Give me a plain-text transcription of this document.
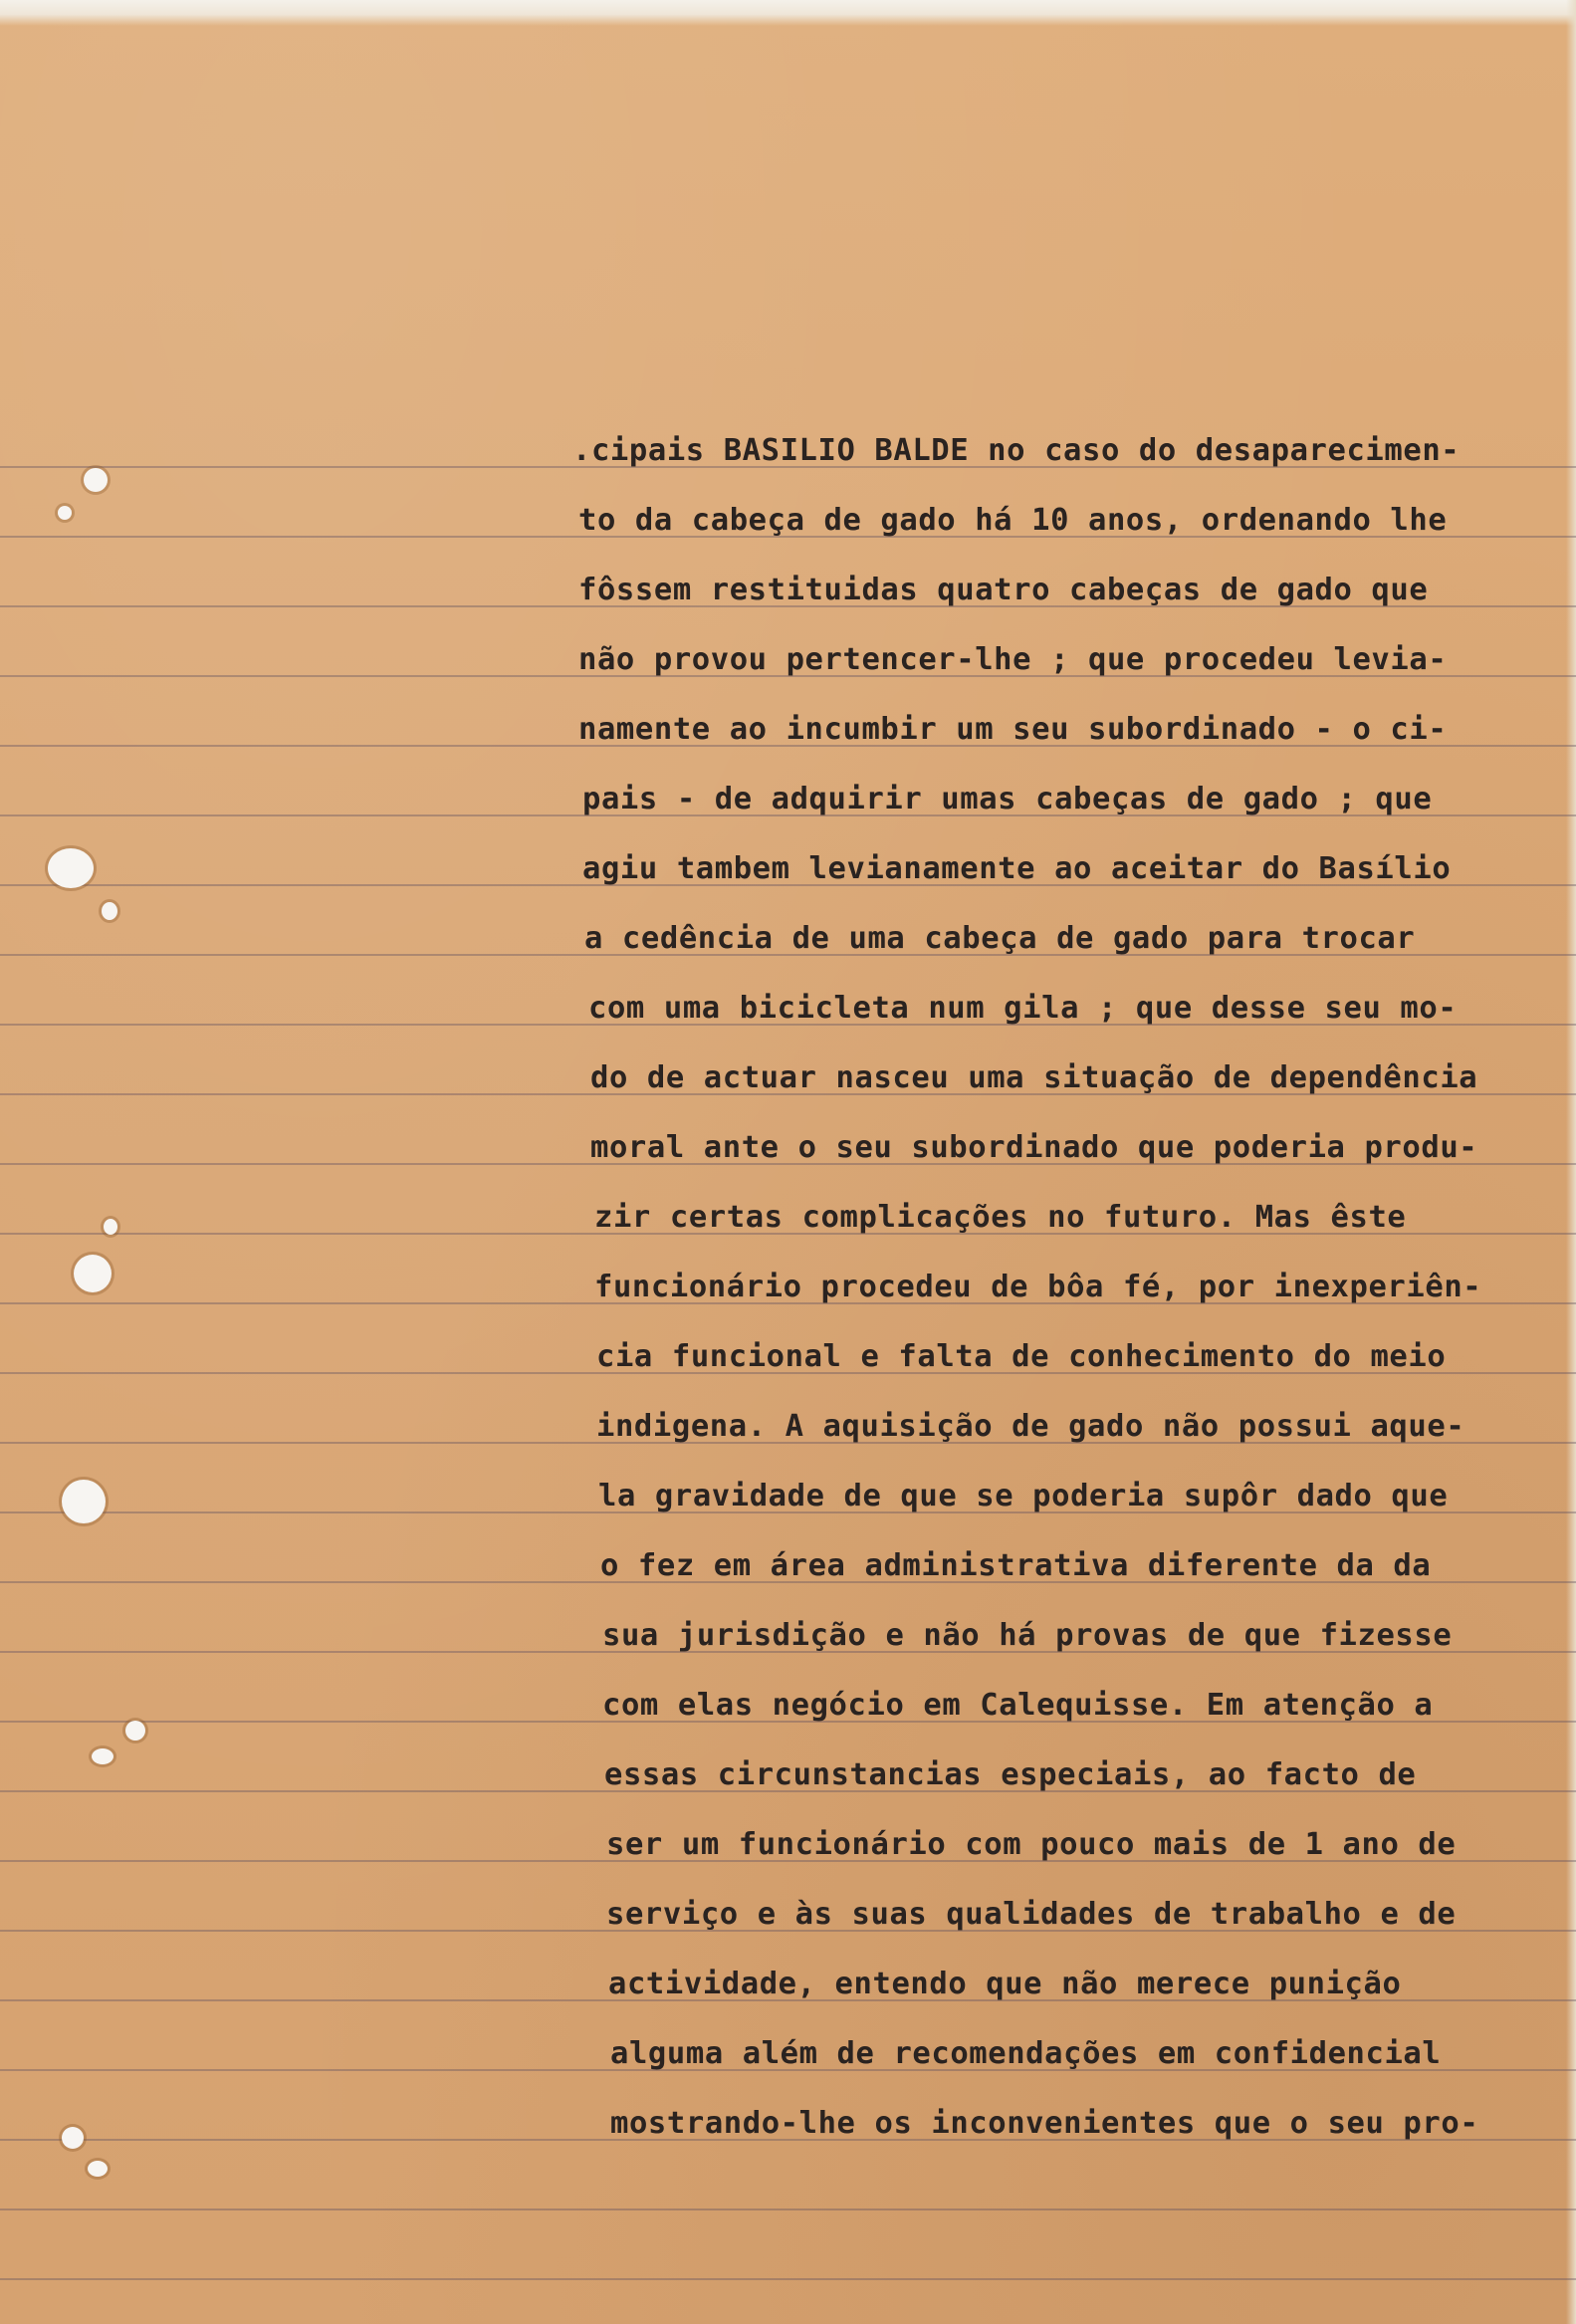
.cipais BASILIO BALDE no caso do desaparecimen-
to da cabeça de gado há 10 anos, ordenando lhe
fôssem restituidas quatro cabeças de gado que
não provou pertencer-lhe ; que procedeu levia-
namente ao incumbir um seu subordinado - o ci-
pais - de adquirir umas cabeças de gado ; que
agiu tambem levianamente ao aceitar do Basílio
a cedência de uma cabeça de gado para trocar
com uma bicicleta num gila ; que desse seu mo-
do de actuar nasceu uma situação de dependência
moral ante o seu subordinado que poderia produ-
zir certas complicações no futuro. Mas êste
funcionário procedeu de bôa fé, por inexperiên-
cia funcional e falta de conhecimento do meio
indigena. A aquisição de gado não possui aque-
la gravidade de que se poderia supôr dado que
o fez em área administrativa diferente da da
sua jurisdição e não há provas de que fizesse
com elas negócio em Calequisse. Em atenção a
essas circunstancias especiais, ao facto de
ser um funcionário com pouco mais de 1 ano de
serviço e às suas qualidades de trabalho e de
actividade, entendo que não merece punição
alguma além de recomendações em confidencial
mostrando-lhe os inconvenientes que o seu pro-
